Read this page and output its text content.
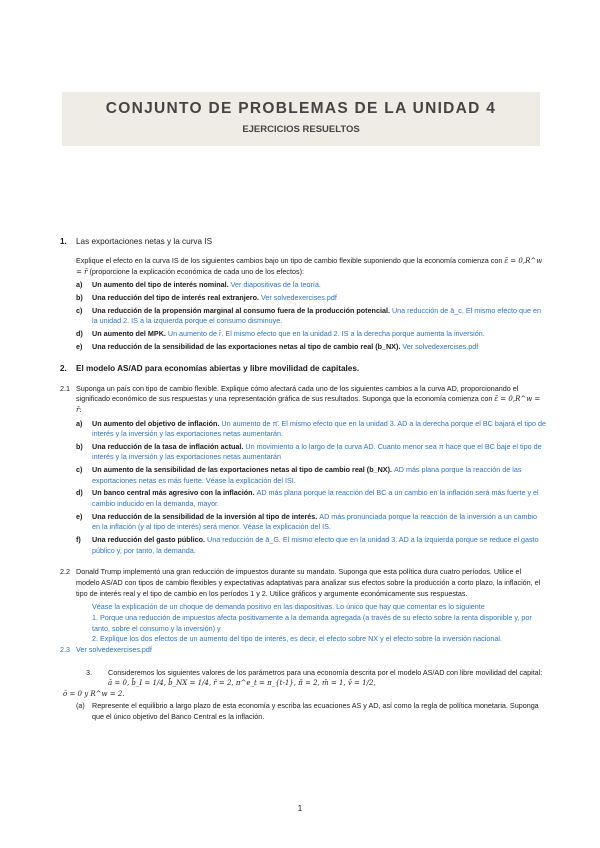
CONJUNTO DE PROBLEMAS DE LA UNIDAD 4
EJERCICIOS RESUELTOS
1.	Las exportaciones netas y la curva IS
Explique el efecto en la curva IS de los siguientes cambios bajo un tipo de cambio flexible suponiendo que la economía comienza con ε̃ = 0,R^w = r̄ (proporcione la explicación económica de cada uno de los efectos):
a)	Un aumento del tipo de interés nominal. Ver diapositivas de la teoría.
b)	Una reducción del tipo de interés real extranjero. Ver solvedexercises.pdf
c)	Una reducción de la propensión marginal al consumo fuera de la producción potencial. Una reducción de ā_c. El mismo efecto que en la unidad 2. IS a la izquierda porque el consumo disminuye.
d)	Un aumento del MPK. Un aumento de r̄. El mismo efecto que en la unidad 2. IS a la derecha porque aumenta la inversión.
e)	Una reducción de la sensibilidad de las exportaciones netas al tipo de cambio real (b_NX). Ver solvedexercises.pdf
2.	El modelo AS/AD para economías abiertas y libre movilidad de capitales.
2.1 Suponga un país con tipo de cambio flexible. Explique cómo afectará cada uno de los siguientes cambios a la curva AD, proporcionando el significado económico de sus respuestas y una representación gráfica de sus resultados. Suponga que la economía comienza con ε̃ = 0,R^w = r̄:
a)	Un aumento del objetivo de inflación. Un aumento de π̄. El mismo efecto que en la unidad 3. AD a la derecha porque el BC bajará el tipo de interés y la inversión y las exportaciones netas aumentarán.
b)	Una reducción de la tasa de inflación actual. Un movimiento a lo largo de la curva AD. Cuanto menor sea π hace que el BC baje el tipo de interés y la inversión y las exportaciones netas aumentarán
c)	Un aumento de la sensibilidad de las exportaciones netas al tipo de cambio real (b_NX). AD más plana porque la reacción de las exportaciones netas es más fuerte. Véase la explicación del ISI.
d)	Un banco central más agresivo con la inflación. AD más plana porque la reacción del BC a un cambio en la inflación será más fuerte y el cambio inducido en la demanda, mayor.
e)	Una reducción de la sensibilidad de la inversión al tipo de interés. AD más pronunciada porque la reacción de la inversión a un cambio en la inflación (y al tipo de interés) será menor. Véase la explicación del IS.
f)	Una reducción del gasto público. Una reducción de ā_G. El mismo efecto que en la unidad 3. AD a la izquierda porque se reduce el gasto público y, por tanto, la demanda.
2.2 Donald Trump implementó una gran reducción de impuestos durante su mandato. Suponga que esta política dura cuatro períodos. Utilice el modelo AS/AD con tipos de cambio flexibles y expectativas adaptativas para analizar sus efectos sobre la producción a corto plazo, la inflación, el tipo de interés real y el tipo de cambio en los períodos 1 y 2. Utilice gráficos y argumente económicamente sus respuestas.
Véase la explicación de un choque de demanda positivo en las diapositivas. Lo único que hay que comentar es lo siguiente
1. Porque una reducción de impuestos afecta positivamente a la demanda agregada (a través de su efecto sobre la renta disponible y, por tanto, sobre el consumo y la inversión) y
2. Explique los dos efectos de un aumento del tipo de interés, es decir, el efecto sobre NX y el efecto sobre la inversión nacional.
2.3 Ver solvedexercises.pdf
3.	Consideremos los siguientes valores de los parámetros para una economía descrita por el modelo AS/AD con libre movilidad del capital: ā = 0, b̄_I = 1/4, b̄_NX = 1/4, r̄ = 2, π^e_t = π_{t-1}, π̄ = 2, m̄ = 1, v̄ = 1/2,
ō = 0 y R^w = 2.
(a)	Represente el equilibrio a largo plazo de esta economía y escriba las ecuaciones AS y AD, así como la regla de política monetaria. Suponga que el único objetivo del Banco Central es la inflación.
1
